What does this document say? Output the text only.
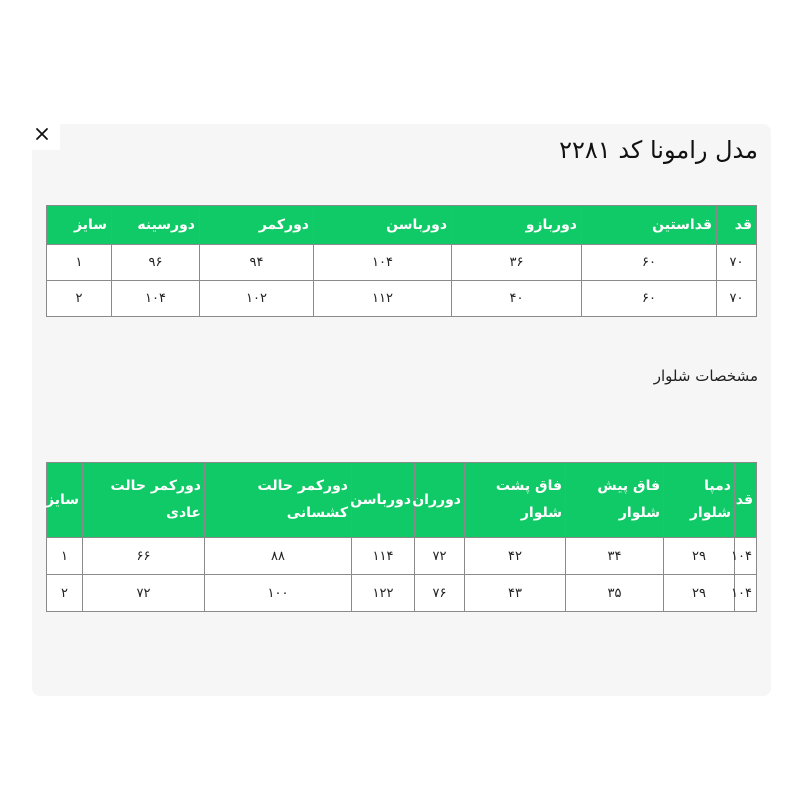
مدل رامونا کد ۲۲۸۱
قد	قداستین	دوربازو	دورباسن	دورکمر	دورسینه	سایز
۷۰	۶۰	۳۶	۱۰۴	۹۴	۹۶	۱
۷۰	۶۰	۴۰	۱۱۲	۱۰۲	۱۰۴	۲

مشخصات شلوار

قد	دمپا شلوار	فاق پیش شلوار	فاق پشت شلوار	دورران	دورباسن	دورکمر حالت کشسانی	دورکمر حالت عادی	سایز
۱۰۴	۲۹	۳۴	۴۲	۷۲	۱۱۴	۸۸	۶۶	۱
۱۰۴	۲۹	۳۵	۴۳	۷۶	۱۲۲	۱۰۰	۷۲	۲
